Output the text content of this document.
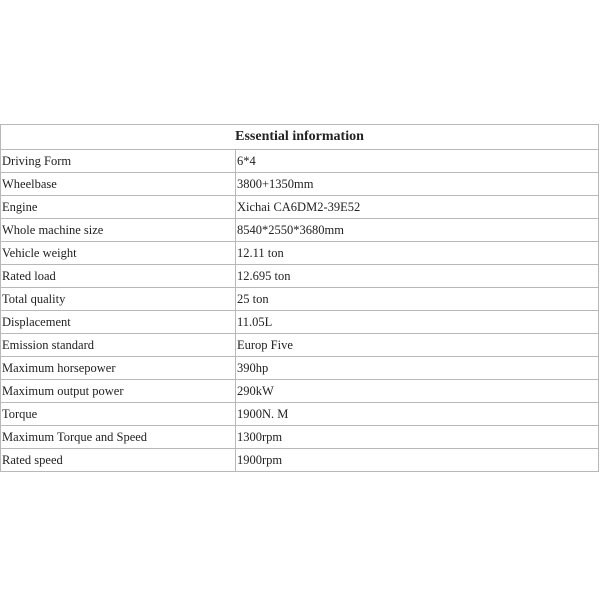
Essential information	
Driving Form	6*4
Wheelbase	3800+1350mm
Engine	Xichai CA6DM2-39E52
Whole machine size	8540*2550*3680mm
Vehicle weight	12.11 ton
Rated load	12.695 ton
Total quality	25 ton
Displacement	11.05L
Emission standard	Europ Five
Maximum horsepower	390hp
Maximum output power	290kW
Torque	1900N. M
Maximum Torque and Speed	1300rpm
Rated speed	1900rpm
